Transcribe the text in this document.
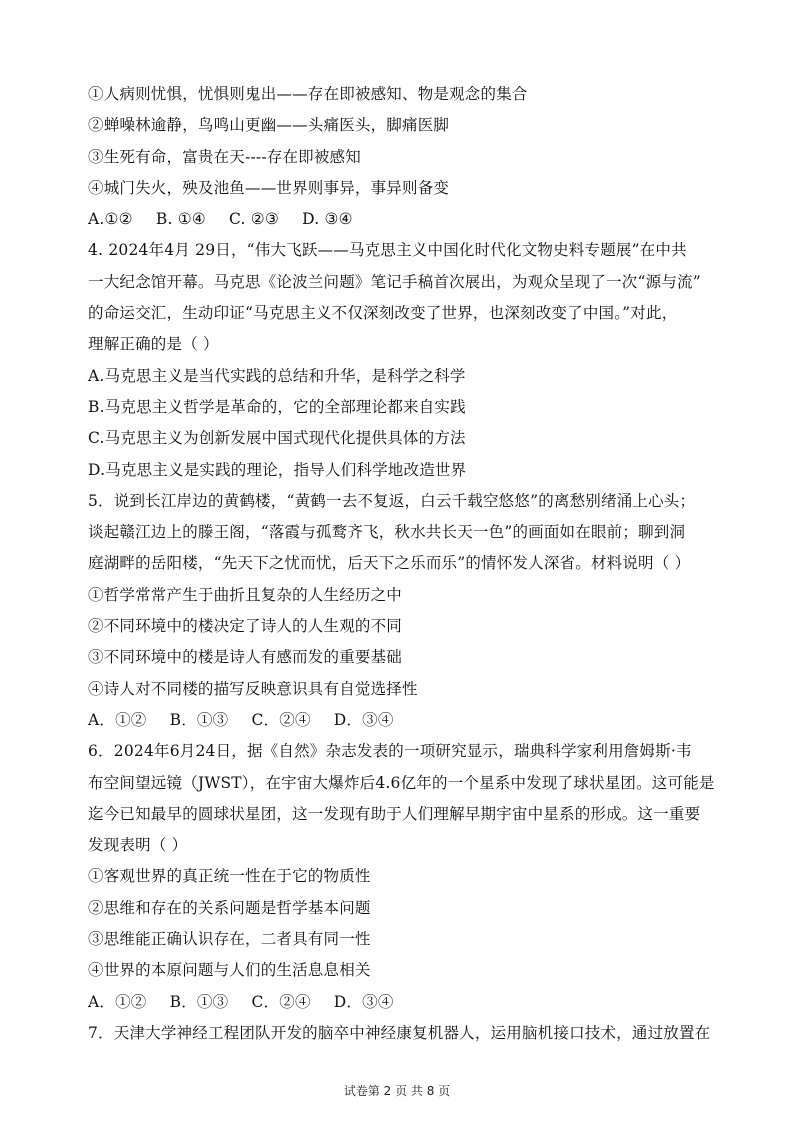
①人病则忧惧，忧惧则鬼出——存在即被感知、物是观念的集合
②蝉噪林逾静，鸟鸣山更幽——头痛医头，脚痛医脚
③生死有命，富贵在天----存在即被感知
④城门失火，殃及池鱼——世界则事异，事异则备变
A.①② B. ①④ C. ②③ D. ③④
4. 2024年4月 29日，“伟大飞跃——马克思主义中国化时代化文物史料专题展”在中共
一大纪念馆开幕。马克思《论波兰问题》笔记手稿首次展出，为观众呈现了一次“源与流”
的命运交汇，生动印证“马克思主义不仅深刻改变了世界，也深刻改变了中国。”对此，
理解正确的是（ ）
A.马克思主义是当代实践的总结和升华，是科学之科学
B.马克思主义哲学是革命的，它的全部理论都来自实践
C.马克思主义为创新发展中国式现代化提供具体的方法
D.马克思主义是实践的理论，指导人们科学地改造世界
5．说到长江岸边的黄鹤楼，“黄鹤一去不复返，白云千载空悠悠”的离愁别绪涌上心头；
谈起赣江边上的滕王阁，“落霞与孤鹜齐飞，秋水共长天一色”的画面如在眼前；聊到洞
庭湖畔的岳阳楼，“先天下之忧而忧，后天下之乐而乐”的情怀发人深省。材料说明（ ）
①哲学常常产生于曲折且复杂的人生经历之中
②不同环境中的楼决定了诗人的人生观的不同
③不同环境中的楼是诗人有感而发的重要基础
④诗人对不同楼的描写反映意识具有自觉选择性
A．①② B．①③ C．②④ D．③④
6．2024年6月24日，据《自然》杂志发表的一项研究显示，瑞典科学家利用詹姆斯·韦
布空间望远镜（JWST），在宇宙大爆炸后4.6亿年的一个星系中发现了球状星团。这可能是
迄今已知最早的圆球状星团，这一发现有助于人们理解早期宇宙中星系的形成。这一重要
发现表明（ ）
①客观世界的真正统一性在于它的物质性
②思维和存在的关系问题是哲学基本问题
③思维能正确认识存在，二者具有同一性
④世界的本原问题与人们的生活息息相关
A．①② B．①③ C．②④ D．③④
7．天津大学神经工程团队开发的脑卒中神经康复机器人，运用脑机接口技术，通过放置在
试卷第 2 页 共 8 页
